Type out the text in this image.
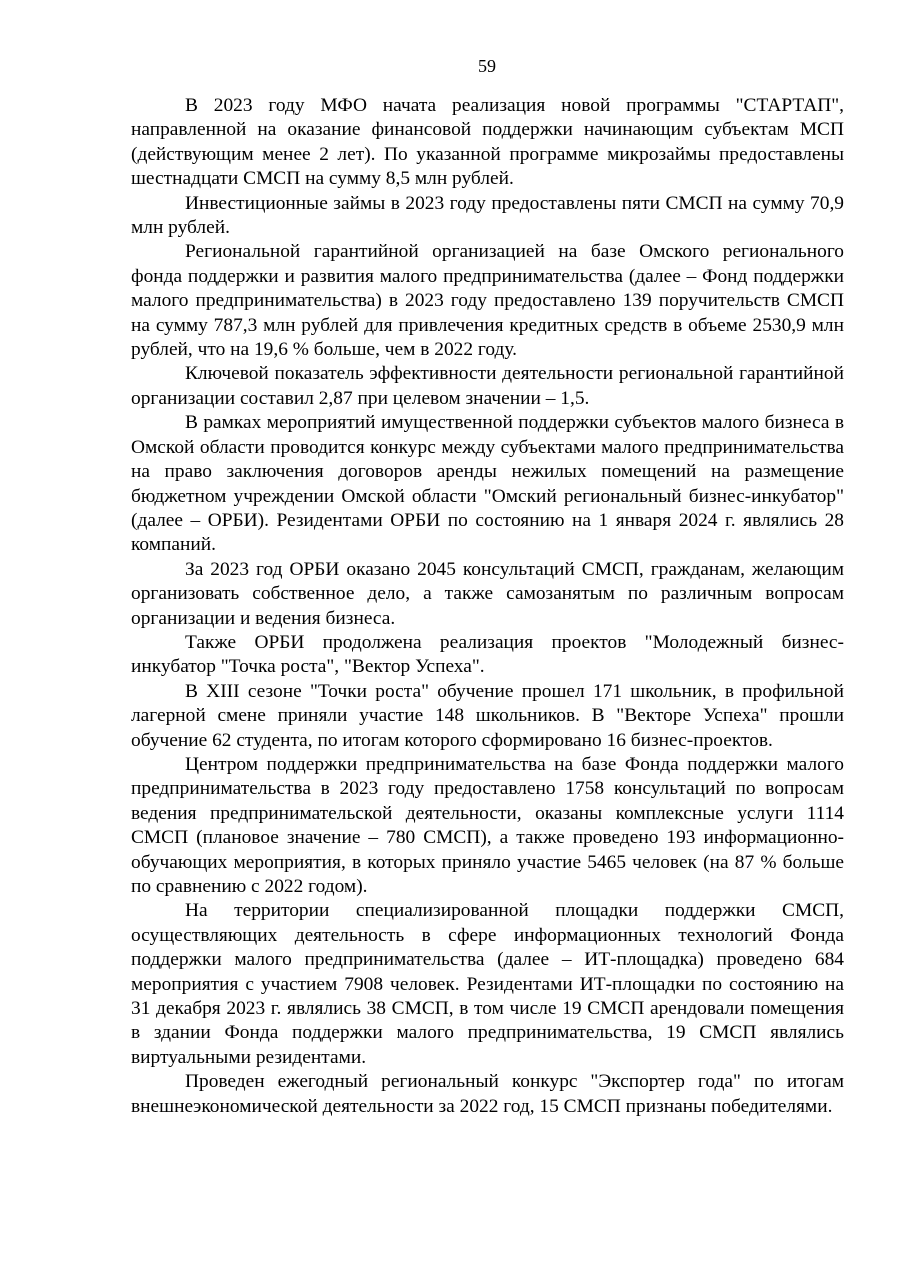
59

В 2023 году МФО начата реализация новой программы "СТАРТАП", направленной на оказание финансовой поддержки начинающим субъектам МСП (действующим менее 2 лет). По указанной программе микрозаймы предоставлены шестнадцати СМСП на сумму 8,5 млн рублей.

Инвестиционные займы в 2023 году предоставлены пяти СМСП на сумму 70,9 млн рублей.

Региональной гарантийной организацией на базе Омского регионального фонда поддержки и развития малого предпринимательства (далее – Фонд поддержки малого предпринимательства) в 2023 году предоставлено 139 поручительств СМСП на сумму 787,3 млн рублей для привлечения кредитных средств в объеме 2530,9 млн рублей, что на 19,6 % больше, чем в 2022 году.

Ключевой показатель эффективности деятельности региональной гарантийной организации составил 2,87 при целевом значении – 1,5.

В рамках мероприятий имущественной поддержки субъектов малого бизнеса в Омской области проводится конкурс между субъектами малого предпринимательства на право заключения договоров аренды нежилых помещений на размещение бюджетном учреждении Омской области "Омский региональный бизнес-инкубатор" (далее – ОРБИ). Резидентами ОРБИ по состоянию на 1 января 2024 г. являлись 28 компаний.

За 2023 год ОРБИ оказано 2045 консультаций СМСП, гражданам, желающим организовать собственное дело, а также самозанятым по различным вопросам организации и ведения бизнеса.

Также ОРБИ продолжена реализация проектов "Молодежный бизнес-инкубатор "Точка роста", "Вектор Успеха".

В XIII сезоне "Точки роста" обучение прошел 171 школьник, в профильной лагерной смене приняли участие 148 школьников. В "Векторе Успеха" прошли обучение 62 студента, по итогам которого сформировано 16 бизнес-проектов.

Центром поддержки предпринимательства на базе Фонда поддержки малого предпринимательства в 2023 году предоставлено 1758 консультаций по вопросам ведения предпринимательской деятельности, оказаны комплексные услуги 1114 СМСП (плановое значение – 780 СМСП), а также проведено 193 информационно-обучающих мероприятия, в которых приняло участие 5465 человек (на 87 % больше по сравнению с 2022 годом).

На территории специализированной площадки поддержки СМСП, осуществляющих деятельность в сфере информационных технологий Фонда поддержки малого предпринимательства (далее – ИТ-площадка) проведено 684 мероприятия с участием 7908 человек. Резидентами ИТ-площадки по состоянию на 31 декабря 2023 г. являлись 38 СМСП, в том числе 19 СМСП арендовали помещения в здании Фонда поддержки малого предпринимательства, 19 СМСП являлись виртуальными резидентами.

Проведен ежегодный региональный конкурс "Экспортер года" по итогам внешнеэкономической деятельности за 2022 год, 15 СМСП признаны победителями.
